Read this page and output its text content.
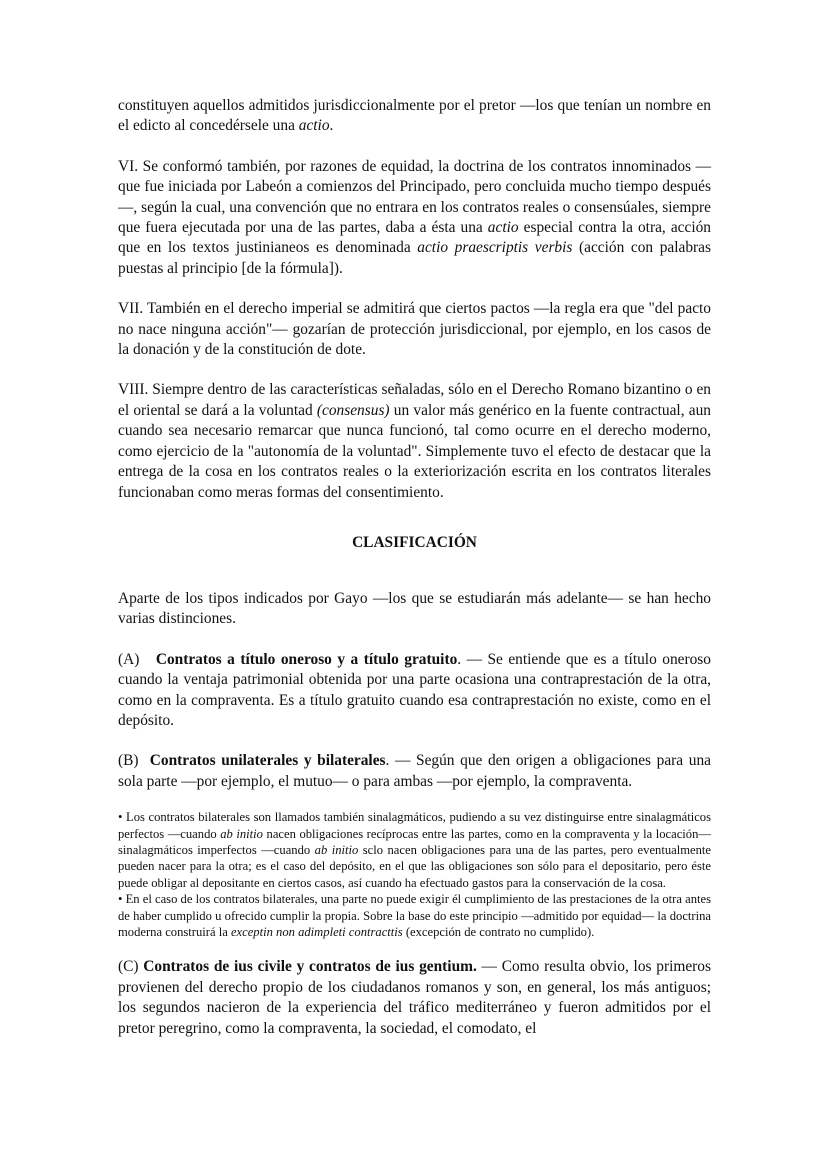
constituyen aquellos admitidos jurisdiccionalmente por el pretor —los que tenían un nombre en el edicto al concedérsele una actio.

VI. Se conformó también, por razones de equidad, la doctrina de los contratos innominados —que fue iniciada por Labeón a comienzos del Principado, pero concluida mucho tiempo después—, según la cual, una convención que no entrara en los contratos reales o consensúales, siempre que fuera ejecutada por una de las partes, daba a ésta una actio especial contra la otra, acción que en los textos justinianeos es denominada actio praescriptis verbis (acción con palabras puestas al principio [de la fórmula]).

VII. También en el derecho imperial se admitirá que ciertos pactos —la regla era que "del pacto no nace ninguna acción"— gozarían de protección jurisdiccional, por ejemplo, en los casos de la donación y de la constitución de dote.

VIII. Siempre dentro de las características señaladas, sólo en el Derecho Romano bizantino o en el oriental se dará a la voluntad (consensus) un valor más genérico en la fuente contractual, aun cuando sea necesario remarcar que nunca funcionó, tal como ocurre en el derecho moderno, como ejercicio de la "autonomía de la voluntad". Simplemente tuvo el efecto de destacar que la entrega de la cosa en los contratos reales o la exteriorización escrita en los contratos literales funcionaban como meras formas del consentimiento.

CLASIFICACIÓN

Aparte de los tipos indicados por Gayo —los que se estudiarán más adelante— se han hecho varias distinciones.

(A)   Contratos a título oneroso y a título gratuito. — Se entiende que es a título oneroso cuando la ventaja patrimonial obtenida por una parte ocasiona una contraprestación de la otra, como en la compraventa. Es a título gratuito cuando esa contraprestación no existe, como en el depósito.

(B)  Contratos unilaterales y bilaterales. — Según que den origen a obligaciones para una sola parte —por ejemplo, el mutuo— o para ambas —por ejemplo, la compraventa.

• Los contratos bilaterales son llamados también sinalagmáticos, pudiendo a su vez distinguirse entre sinalagmáticos perfectos —cuando ab initio nacen obligaciones recíprocas entre las partes, como en la compraventa y la locación— sinalagmáticos imperfectos —cuando ab initio sclo nacen obligaciones para una de las partes, pero eventualmente pueden nacer para la otra; es el caso del depósito, en el que las obligaciones son sólo para el depositario, pero éste puede obligar al depositante en ciertos casos, así cuando ha efectuado gastos para la conservación de la cosa.

• En el caso de los contratos bilaterales, una parte no puede exigir él cumplimiento de las prestaciones de la otra antes de haber cumplido u ofrecido cumplir la propia. Sobre la base do este principio —admitido por equidad— la doctrina moderna construirá la exceptin non adimpleti contracttis (excepción de contrato no cumplido).

(C) Contratos de ius civile y contratos de ius gentium. — Como resulta obvio, los primeros provienen del derecho propio de los ciudadanos romanos y son, en general, los más antiguos; los segundos nacieron de la experiencia del tráfico mediterráneo y fueron admitidos por el pretor peregrino, como la compraventa, la sociedad, el comodato, el
